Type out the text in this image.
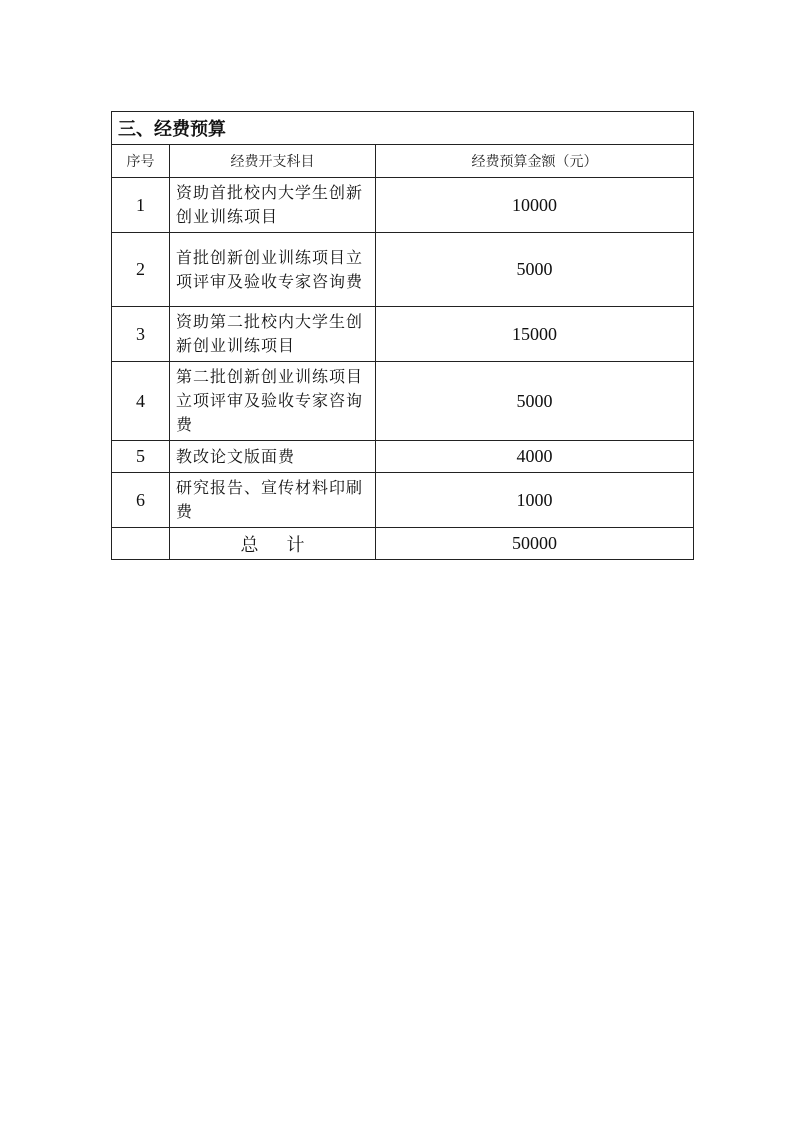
三、经费预算		
序号	经费开支科目	经费预算金额（元）
1	资助首批校内大学生创新创业训练项目	10000
2	首批创新创业训练项目立项评审及验收专家咨询费	5000
3	资助第二批校内大学生创新创业训练项目	15000
4	第二批创新创业训练项目立项评审及验收专家咨询费	5000
5	教改论文版面费	4000
6	研究报告、宣传材料印刷费	1000
	总计	50000
